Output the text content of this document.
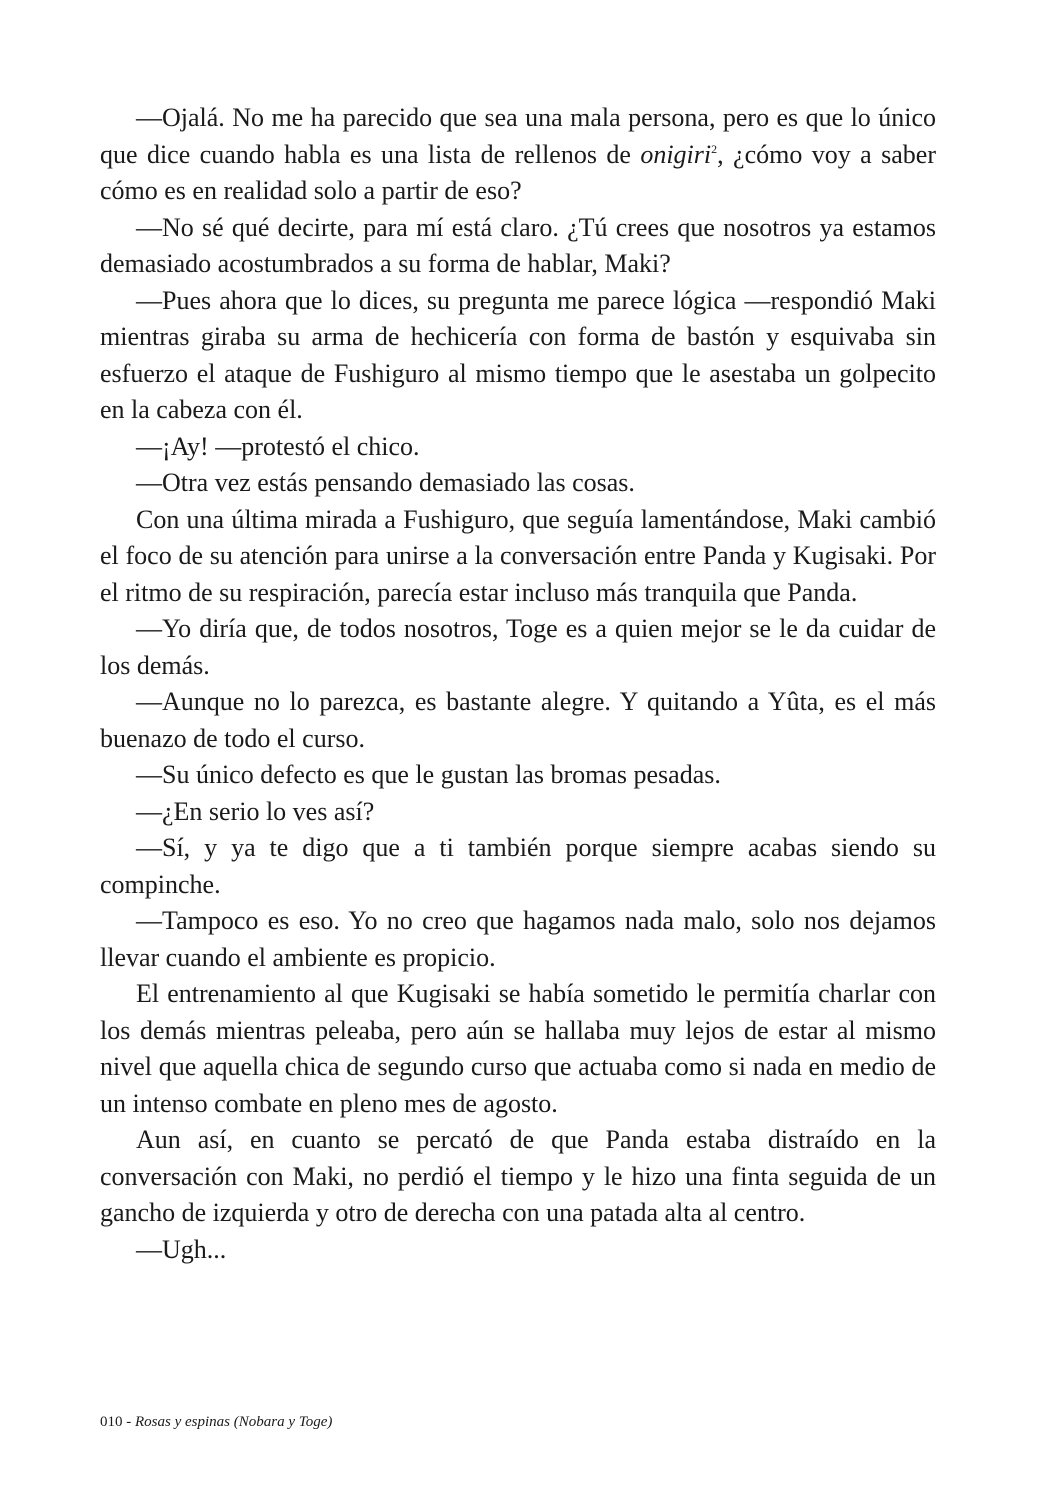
—Ojalá. No me ha parecido que sea una mala persona, pero es que lo único que dice cuando habla es una lista de rellenos de onigiri$^2$, ¿cómo voy a saber cómo es en realidad solo a partir de eso?

—No sé qué decirte, para mí está claro. ¿Tú crees que nosotros ya estamos demasiado acostumbrados a su forma de hablar, Maki?

—Pues ahora que lo dices, su pregunta me parece lógica —respondió Maki mientras giraba su arma de hechicería con forma de bastón y esquivaba sin esfuerzo el ataque de Fushiguro al mismo tiempo que le asestaba un golpecito en la cabeza con él.

—¡Ay! —protestó el chico.

—Otra vez estás pensando demasiado las cosas.

Con una última mirada a Fushiguro, que seguía lamentándose, Maki cambió el foco de su atención para unirse a la conversación entre Panda y Kugisaki. Por el ritmo de su respiración, parecía estar incluso más tranquila que Panda.

—Yo diría que, de todos nosotros, Toge es a quien mejor se le da cuidar de los demás.

—Aunque no lo parezca, es bastante alegre. Y quitando a Yûta, es el más buenazo de todo el curso.

—Su único defecto es que le gustan las bromas pesadas.

—¿En serio lo ves así?

—Sí, y ya te digo que a ti también porque siempre acabas siendo su compinche.

—Tampoco es eso. Yo no creo que hagamos nada malo, solo nos dejamos llevar cuando el ambiente es propicio.

El entrenamiento al que Kugisaki se había sometido le permitía charlar con los demás mientras peleaba, pero aún se hallaba muy lejos de estar al mismo nivel que aquella chica de segundo curso que actuaba como si nada en medio de un intenso combate en pleno mes de agosto.

Aun así, en cuanto se percató de que Panda estaba distraído en la conversación con Maki, no perdió el tiempo y le hizo una finta seguida de un gancho de izquierda y otro de derecha con una patada alta al centro.

—Ugh...

010 - Rosas y espinas (Nobara y Toge)
